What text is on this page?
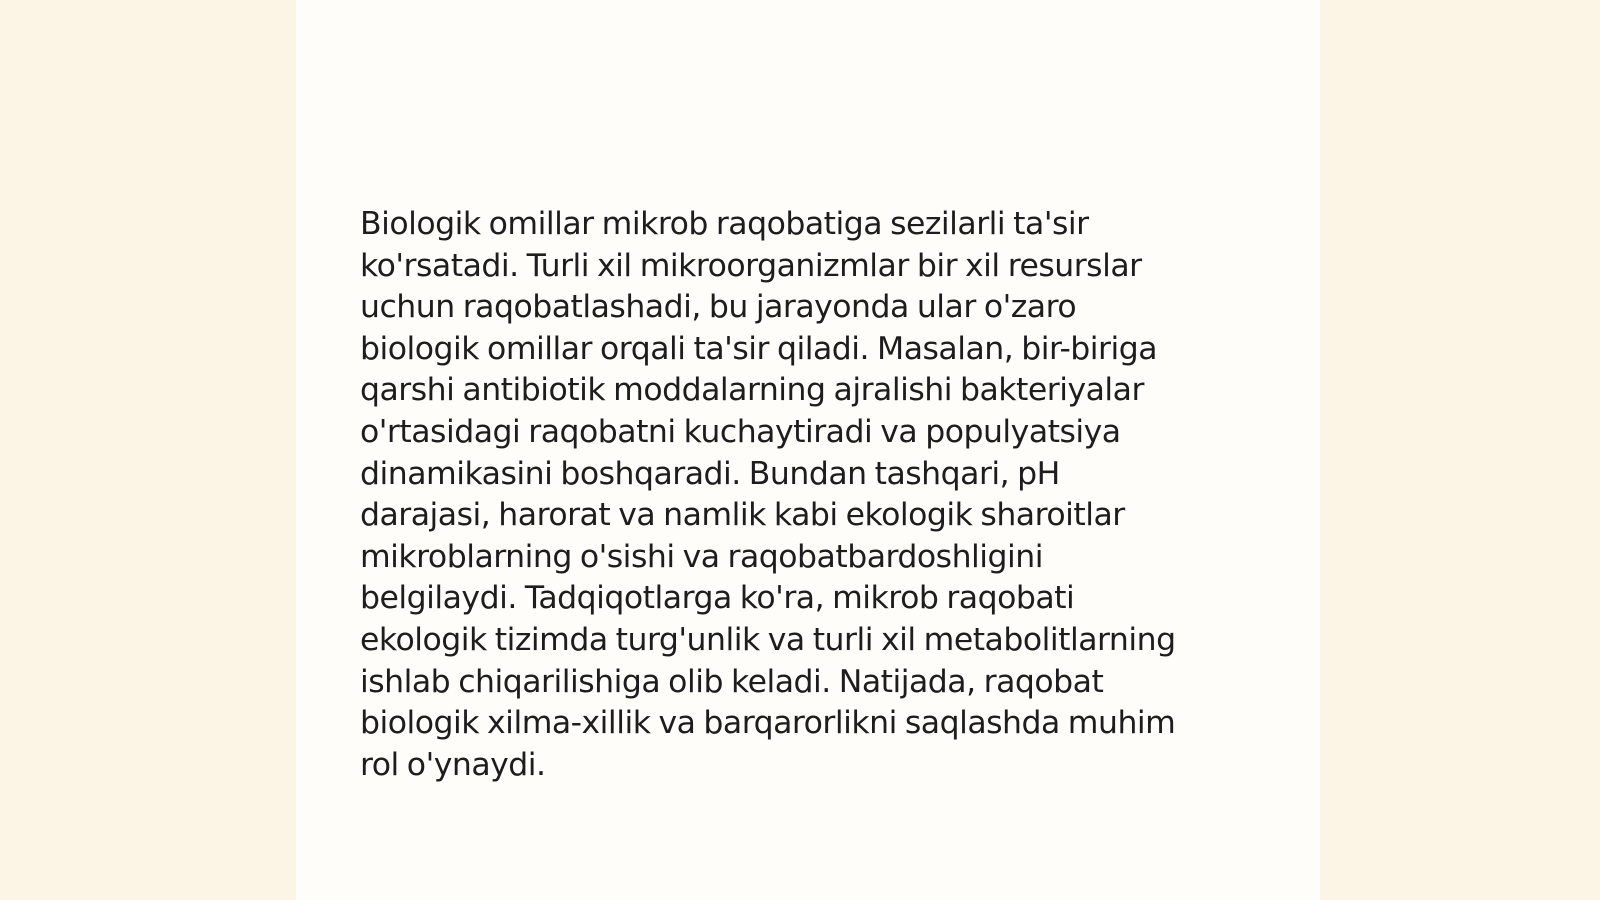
Biologik omillar mikrob raqobatiga sezilarli ta'sir
ko'rsatadi. Turli xil mikroorganizmlar bir xil resurslar
uchun raqobatlashadi, bu jarayonda ular o'zaro
biologik omillar orqali ta'sir qiladi. Masalan, bir-biriga
qarshi antibiotik moddalarning ajralishi bakteriyalar
o'rtasidagi raqobatni kuchaytiradi va populyatsiya
dinamikasini boshqaradi. Bundan tashqari, pH
darajasi, harorat va namlik kabi ekologik sharoitlar
mikroblarning o'sishi va raqobatbardoshligini
belgilaydi. Tadqiqotlarga ko'ra, mikrob raqobati
ekologik tizimda turg'unlik va turli xil metabolitlarning
ishlab chiqarilishiga olib keladi. Natijada, raqobat
biologik xilma-xillik va barqarorlikni saqlashda muhim
rol o'ynaydi.
